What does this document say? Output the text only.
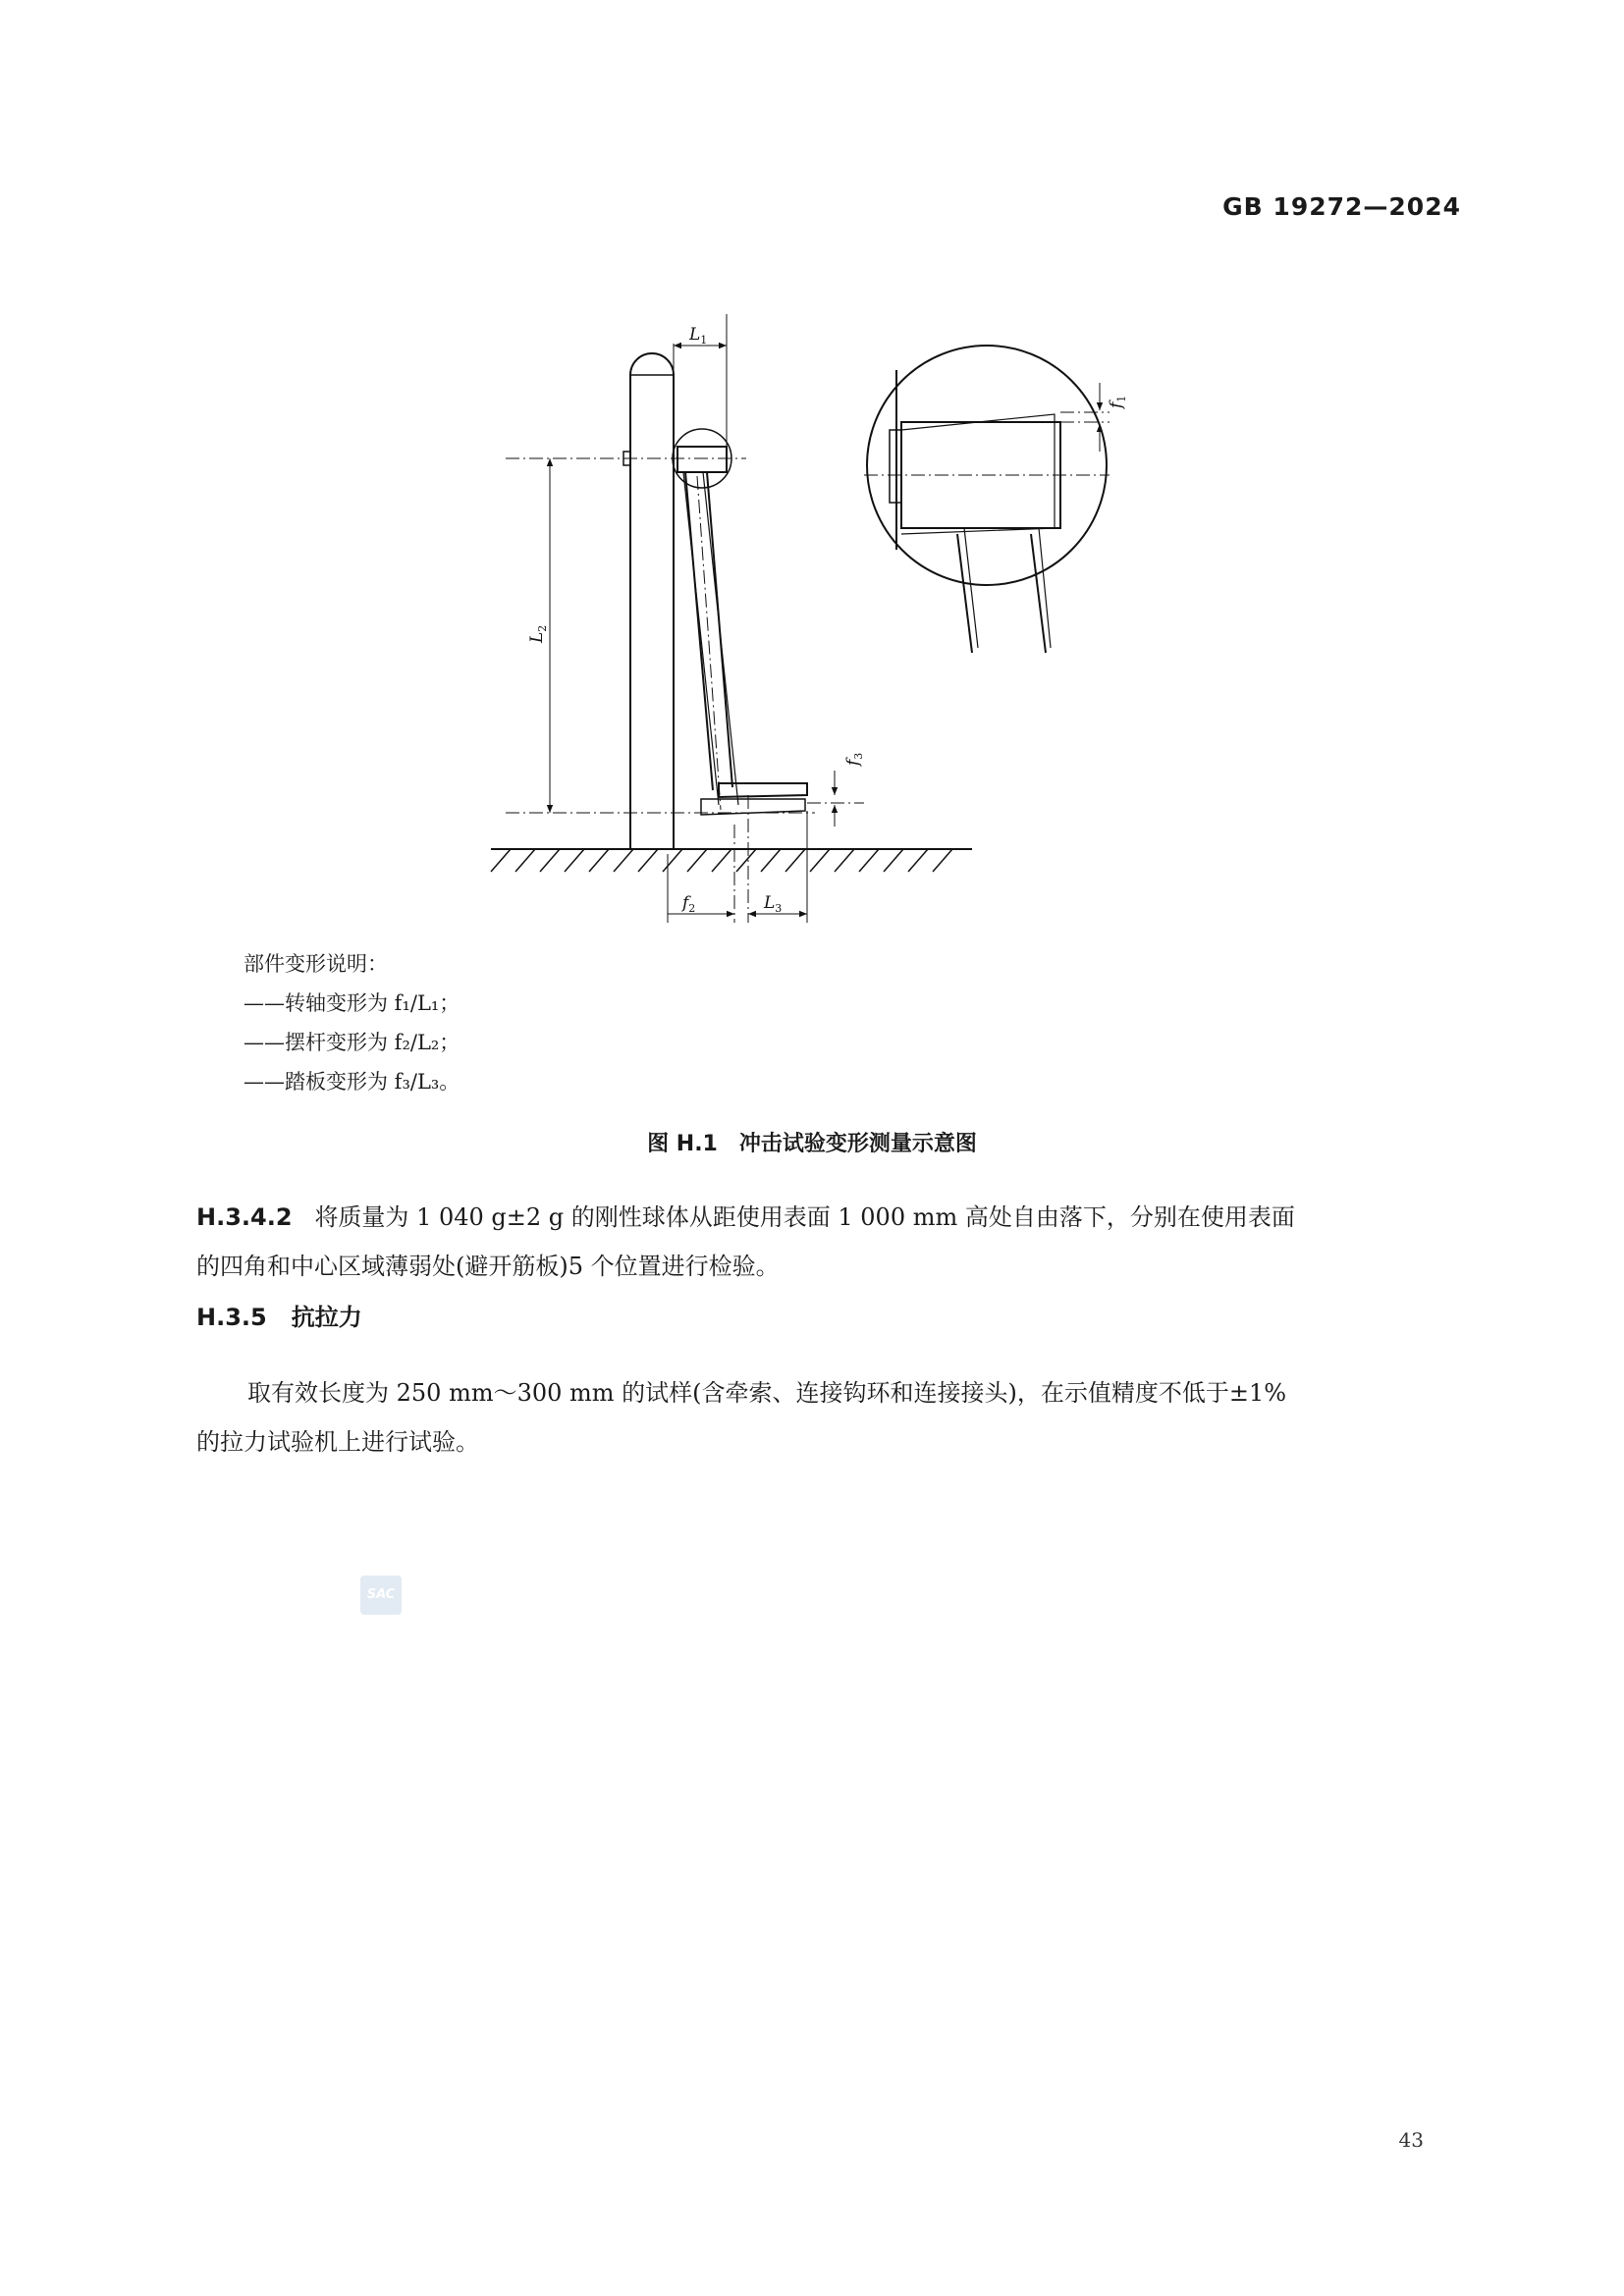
GB 19272—2024
$L_1$
$L_2$
$L_3$
$f_2$
$f_3$
$f_1$
部件变形说明：
——转轴变形为 f₁/L₁；
——摆杆变形为 f₂/L₂；
——踏板变形为 f₃/L₃。
图 H.1　冲击试验变形测量示意图
H.3.4.2 将质量为 1 040 g±2 g 的刚性球体从距使用表面 1 000 mm 高处自由落下，分别在使用表面
的四角和中心区域薄弱处(避开筋板)5 个位置进行检验。
H.3.5 抗拉力
取有效长度为 250 mm～300 mm 的试样(含牵索、连接钩环和连接接头)，在示值精度不低于±1%
的拉力试验机上进行试验。
SAC
43
